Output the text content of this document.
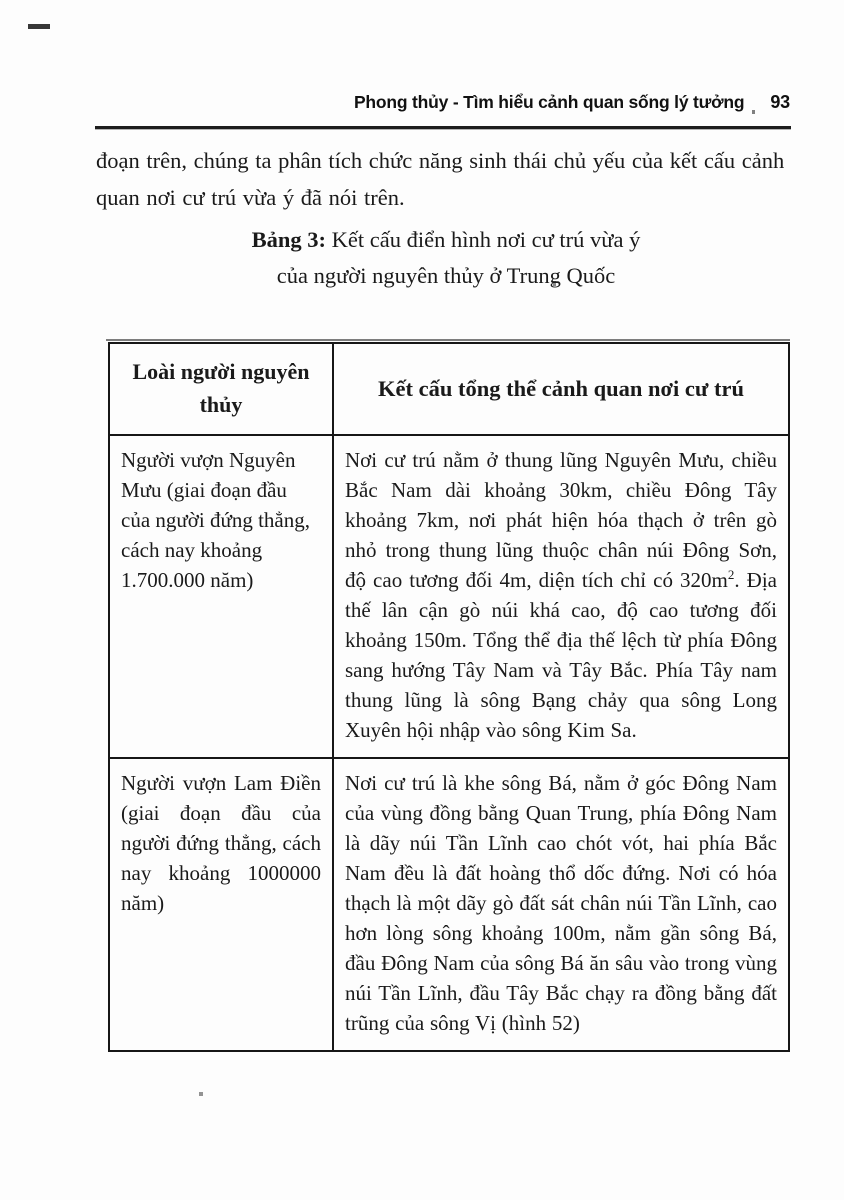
Phong thủy - Tìm hiểu cảnh quan sống lý tưởng 93
đoạn trên, chúng ta phân tích chức năng sinh thái chủ yếu của kết cấu cảnh quan nơi cư trú vừa ý đã nói trên.
Bảng 3: Kết cấu điển hình nơi cư trú vừa ý
của người nguyên thủy ở Trung Quốc
Loài người nguyên thủy	Kết cấu tổng thể cảnh quan nơi cư trú
Người vượn Nguyên Mưu (giai đoạn đầu của người đứng thẳng, cách nay khoảng 1.700.000 năm)	Nơi cư trú nằm ở thung lũng Nguyên Mưu, chiều Bắc Nam dài khoảng 30km, chiều Đông Tây khoảng 7km, nơi phát hiện hóa thạch ở trên gò nhỏ trong thung lũng thuộc chân núi Đông Sơn, độ cao tương đối 4m, diện tích chỉ có $320m^2$. Địa thế lân cận gò núi khá cao, độ cao tương đối khoảng 150m. Tổng thể địa thế lệch từ phía Đông sang hướng Tây Nam và Tây Bắc. Phía Tây nam thung lũng là sông Bạng chảy qua sông Long Xuyên hội nhập vào sông Kim Sa.

Người vượn Lam Điền (giai đoạn đầu của người đứng thẳng, cách nay khoảng 1000000 năm)	Nơi cư trú là khe sông Bá, nằm ở góc Đông Nam của vùng đồng bằng Quan Trung, phía Đông Nam là dãy núi Tần Lĩnh cao chót vót, hai phía Bắc Nam đều là đất hoàng thổ dốc đứng. Nơi có hóa thạch là một dãy gò đất sát chân núi Tần Lĩnh, cao hơn lòng sông khoảng 100m, nằm gần sông Bá, đầu Đông Nam của sông Bá ăn sâu vào trong vùng núi Tần Lĩnh, đầu Tây Bắc chạy ra đồng bằng đất trũng của sông Vị (hình 52)
